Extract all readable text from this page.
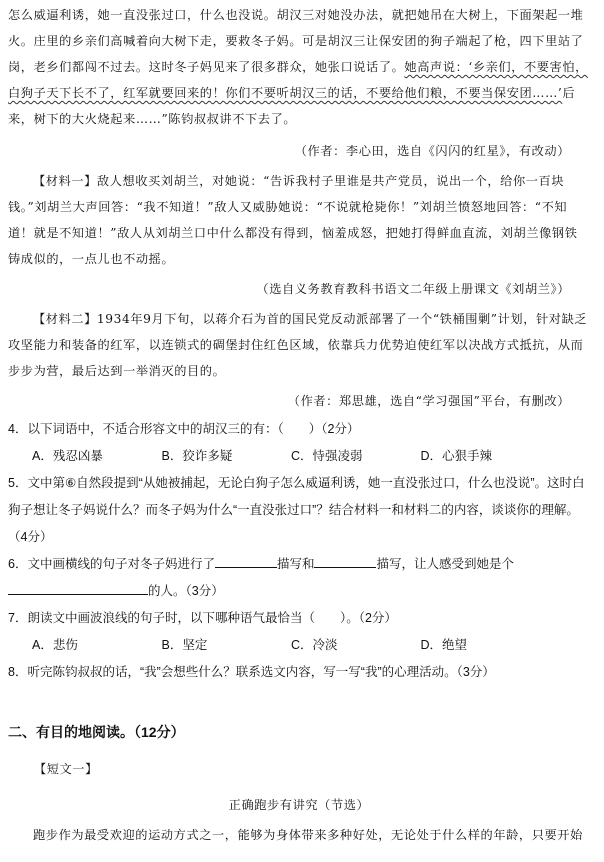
怎么威逼利诱，她一直没张过口，什么也没说。胡汉三对她没办法，就把她吊在大树上，下面架起一堆火。庄里的乡亲们高喊着向大树下走，要救冬子妈。可是胡汉三让保安团的狗子端起了枪，四下里站了岗，老乡们都闯不过去。这时冬子妈见来了很多群众，她张口说话了。她高声说：‘乡亲们，不要害怕，白狗子天下长不了，红军就要回来的！你们不要听胡汉三的话，不要给他们粮，不要当保安团……’后来，树下的大火烧起来……”陈钧叔叔讲不下去了。

（作者：李心田，选自《闪闪的红星》，有改动）

【材料一】敌人想收买刘胡兰，对她说：“告诉我村子里谁是共产党员，说出一个，给你一百块钱。”刘胡兰大声回答：“我不知道！”敌人又威胁她说：“不说就枪毙你！”刘胡兰愤怒地回答：“不知道！就是不知道！”敌人从刘胡兰口中什么都没有得到，恼羞成怒，把她打得鲜血直流，刘胡兰像钢铁铸成似的，一点儿也不动摇。

（选自义务教育教科书语文二年级上册课文《刘胡兰》）

【材料二】1934年9月下旬，以蒋介石为首的国民党反动派部署了一个“铁桶围剿”计划，针对缺乏攻坚能力和装备的红军，以连锁式的碉堡封住红色区域，依靠兵力优势迫使红军以决战方式抵抗，从而步步为营，最后达到一举消灭的目的。

（作者：郑思雄，选自“学习强国”平台，有删改）

4．以下词语中，不适合形容文中的胡汉三的有：（　　）（2分）

A．残忍凶暴	B．狡诈多疑	C．恃强凌弱	D．心狠手辣

5．文中第⑥自然段提到“从她被捕起，无论白狗子怎么威逼利诱，她一直没张过口，什么也没说”。这时白狗子想让冬子妈说什么？而冬子妈为什么“一直没张过口”？结合材料一和材料二的内容，谈谈你的理解。（4分）

6．文中画横线的句子对冬子妈进行了	描写和	描写，让人感受到她是个的人。（3分）

7．朗读文中画波浪线的句子时，以下哪种语气最恰当（　　）。（2分）

A．悲伤	B．坚定	C．冷淡	D．绝望

8．听完陈钧叔叔的话，“我”会想些什么？联系选文内容，写一写“我”的心理活动。（3分）

二、有目的地阅读。（12分）

【短文一】

正确跑步有讲究（节选）

跑步作为最受欢迎的运动方式之一，能够为身体带来多种好处，无论处于什么样的年龄，只要开始
